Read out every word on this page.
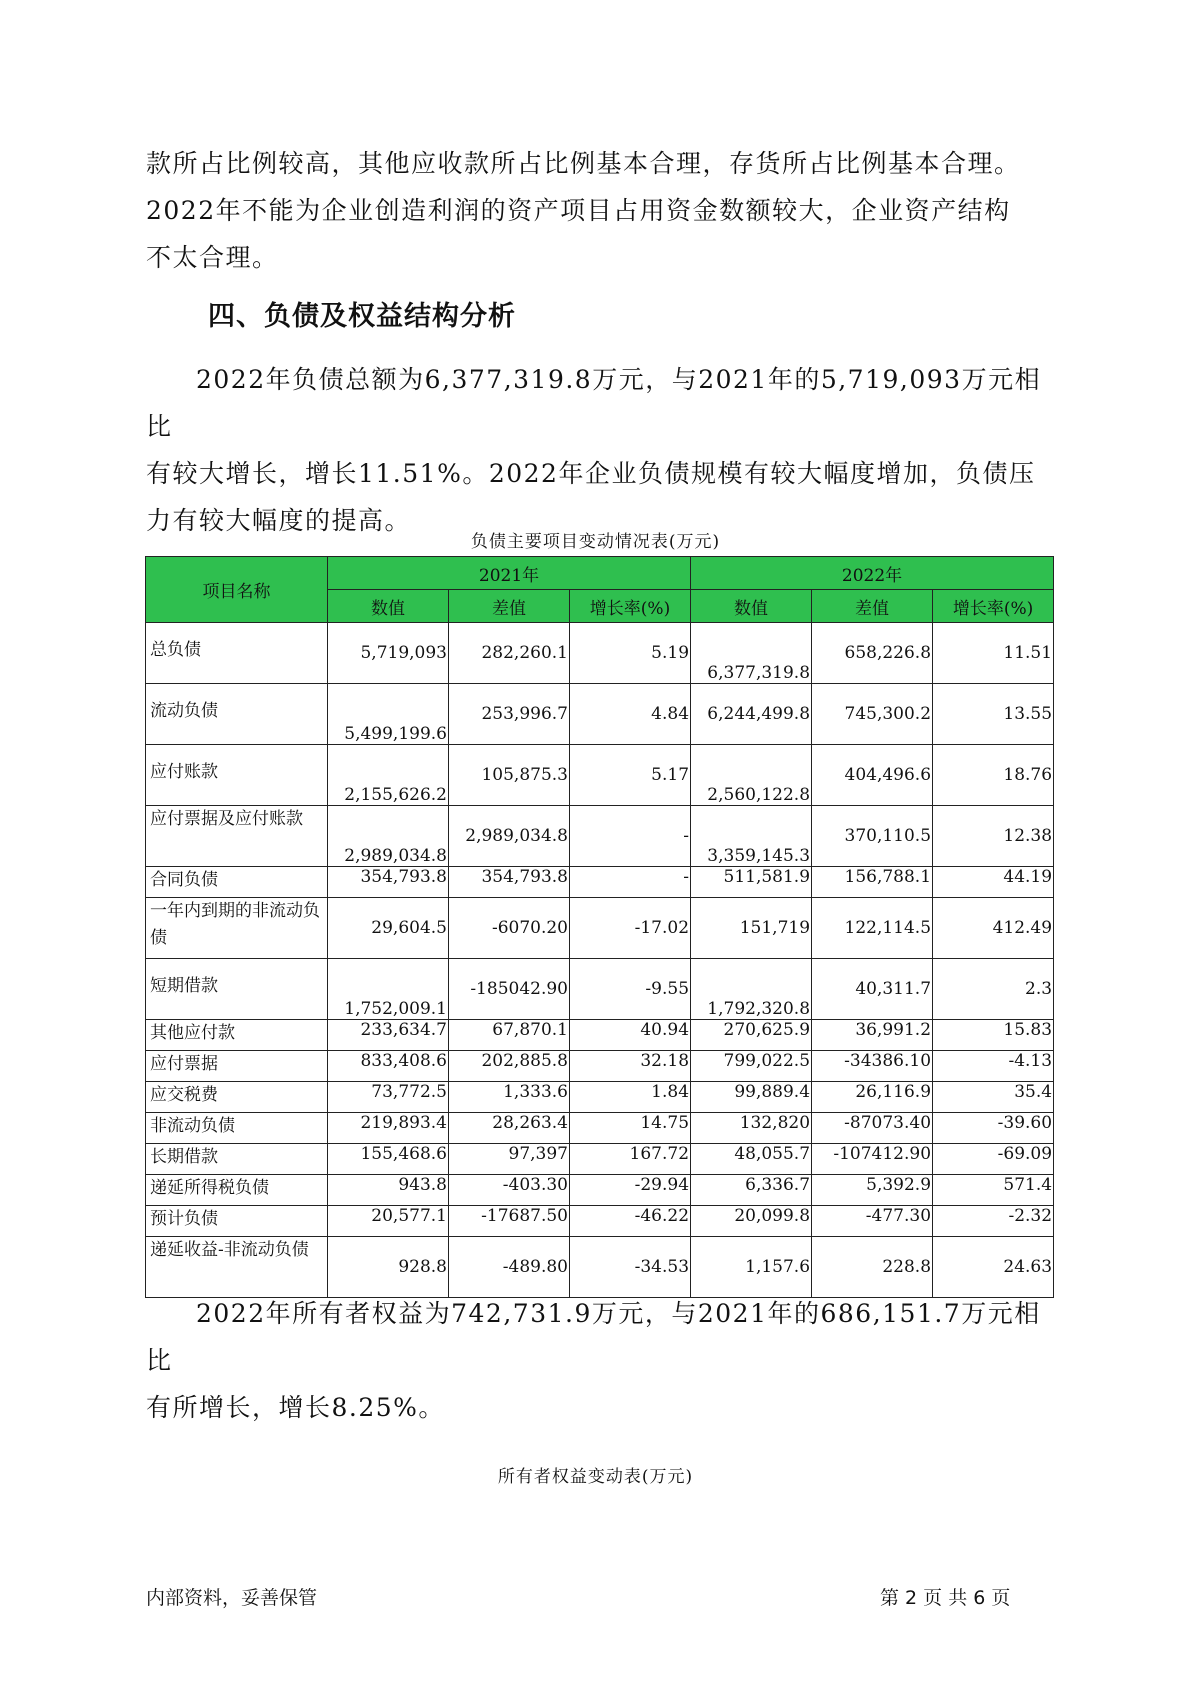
款所占比例较高，其他应收款所占比例基本合理，存货所占比例基本合理。

2022年不能为企业创造利润的资产项目占用资金数额较大，企业资产结构

不太合理。

四、负债及权益结构分析

2022年负债总额为6,377,319.8万元，与2021年的5,719,093万元相比

有较大增长，增长11.51%。2022年企业负债规模有较大幅度增加，负债压

力有较大幅度的提高。

负债主要项目变动情况表(万元)
项目名称	2021年			2022年		
	数值	差值	增长率(%)	数值	差值	增长率(%)
总负债	5,719,093	282,260.1	5.19	6,377,319.8	658,226.8	11.51
流动负债	5,499,199.6	253,996.7	4.84	6,244,499.8	745,300.2	13.55
应付账款	2,155,626.2	105,875.3	5.17	2,560,122.8	404,496.6	18.76
应付票据及应付账款	2,989,034.8	2,989,034.8	-	3,359,145.3	370,110.5	12.38
合同负债	354,793.8	354,793.8	-	511,581.9	156,788.1	44.19
一年内到期的非流动负债	29,604.5	-6070.20	-17.02	151,719	122,114.5	412.49
短期借款	1,752,009.1	-185042.90	-9.55	1,792,320.8	40,311.7	2.3
其他应付款	233,634.7	67,870.1	40.94	270,625.9	36,991.2	15.83
应付票据	833,408.6	202,885.8	32.18	799,022.5	-34386.10	-4.13
应交税费	73,772.5	1,333.6	1.84	99,889.4	26,116.9	35.4
非流动负债	219,893.4	28,263.4	14.75	132,820	-87073.40	-39.60
长期借款	155,468.6	97,397	167.72	48,055.7	-107412.90	-69.09
递延所得税负债	943.8	-403.30	-29.94	6,336.7	5,392.9	571.4
预计负债	20,577.1	-17687.50	-46.22	20,099.8	-477.30	-2.32
递延收益-非流动负债	928.8	-489.80	-34.53	1,157.6	228.8	24.63

2022年所有者权益为742,731.9万元，与2021年的686,151.7万元相比

有所增长，增长8.25%。

所有者权益变动表(万元)
内部资料，妥善保管	第 2 页 共 6 页
